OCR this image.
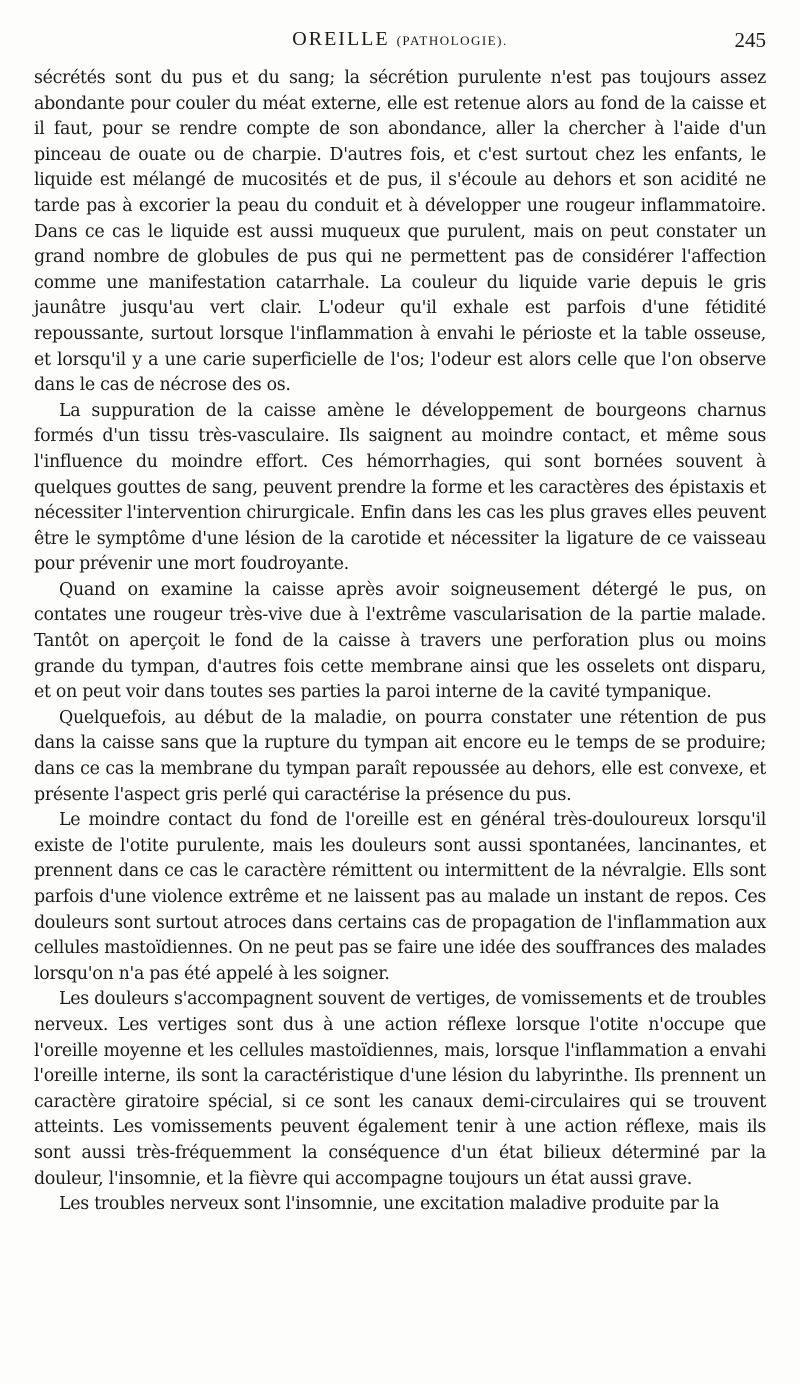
OREILLE (PATHOLOGIE).	245

sécrétés sont du pus et du sang; la sécrétion purulente n'est pas toujours assez abondante pour couler du méat externe, elle est retenue alors au fond de la caisse et il faut, pour se rendre compte de son abondance, aller la chercher à l'aide d'un pinceau de ouate ou de charpie. D'autres fois, et c'est surtout chez les enfants, le liquide est mélangé de mucosités et de pus, il s'écoule au dehors et son acidité ne tarde pas à excorier la peau du conduit et à développer une rougeur inflammatoire. Dans ce cas le liquide est aussi muqueux que purulent, mais on peut constater un grand nombre de globules de pus qui ne permettent pas de considérer l'affection comme une manifestation catarrhale. La couleur du liquide varie depuis le gris jaunâtre jusqu'au vert clair. L'odeur qu'il exhale est parfois d'une fétidité repoussante, surtout lorsque l'inflammation à envahi le périoste et la table osseuse, et lorsqu'il y a une carie superficielle de l'os; l'odeur est alors celle que l'on observe dans le cas de nécrose des os.

La suppuration de la caisse amène le développement de bourgeons charnus formés d'un tissu très-vasculaire. Ils saignent au moindre contact, et même sous l'influence du moindre effort. Ces hémorrhagies, qui sont bornées souvent à quelques gouttes de sang, peuvent prendre la forme et les caractères des épistaxis et nécessiter l'intervention chirurgicale. Enfin dans les cas les plus graves elles peuvent être le symptôme d'une lésion de la carotide et nécessiter la ligature de ce vaisseau pour prévenir une mort foudroyante.

Quand on examine la caisse après avoir soigneusement détergé le pus, on contates une rougeur très-vive due à l'extrême vascularisation de la partie malade. Tantôt on aperçoit le fond de la caisse à travers une perforation plus ou moins grande du tympan, d'autres fois cette membrane ainsi que les osselets ont disparu, et on peut voir dans toutes ses parties la paroi interne de la cavité tympanique.

Quelquefois, au début de la maladie, on pourra constater une rétention de pus dans la caisse sans que la rupture du tympan ait encore eu le temps de se produire; dans ce cas la membrane du tympan paraît repoussée au dehors, elle est convexe, et présente l'aspect gris perlé qui caractérise la présence du pus.

Le moindre contact du fond de l'oreille est en général très-douloureux lorsqu'il existe de l'otite purulente, mais les douleurs sont aussi spontanées, lancinantes, et prennent dans ce cas le caractère rémittent ou intermittent de la névralgie. Ells sont parfois d'une violence extrême et ne laissent pas au malade un instant de repos. Ces douleurs sont surtout atroces dans certains cas de propagation de l'inflammation aux cellules mastoïdiennes. On ne peut pas se faire une idée des souffrances des malades lorsqu'on n'a pas été appelé à les soigner.

Les douleurs s'accompagnent souvent de vertiges, de vomissements et de troubles nerveux. Les vertiges sont dus à une action réflexe lorsque l'otite n'occupe que l'oreille moyenne et les cellules mastoïdiennes, mais, lorsque l'inflammation a envahi l'oreille interne, ils sont la caractéristique d'une lésion du labyrinthe. Ils prennent un caractère giratoire spécial, si ce sont les canaux demi-circulaires qui se trouvent atteints. Les vomissements peuvent également tenir à une action réflexe, mais ils sont aussi très-fréquemment la conséquence d'un état bilieux déterminé par la douleur, l'insomnie, et la fièvre qui accompagne toujours un état aussi grave.

Les troubles nerveux sont l'insomnie, une excitation maladive produite par la
